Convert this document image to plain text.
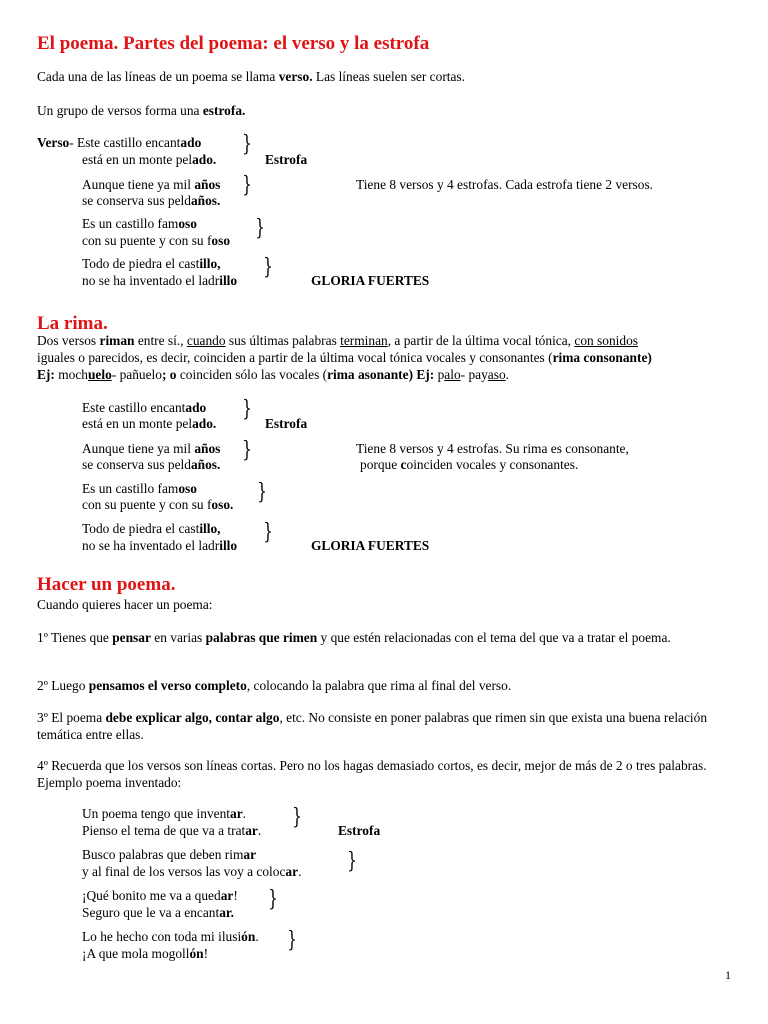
El poema. Partes del poema: el verso y la estrofa
Cada una de las líneas de un poema se llama verso. Las líneas suelen ser cortas.
Un grupo de versos forma una estrofa.
Verso- Este castillo encantado
está en un monte pelado.
}
Estrofa
Aunque tiene ya mil años
se conserva sus peldaños.
}	Tiene 8 versos y 4 estrofas. Cada estrofa tiene 2 versos.
Es un castillo famoso
con su puente y con su foso }
Todo de piedra el castillo,
no se ha inventado el ladrillo
}
GLORIA FUERTES
La rima.
Dos versos riman entre sí., cuando sus últimas palabras terminan, a partir de la última vocal tónica, con sonidos
iguales o parecidos, es decir, coinciden a partir de la última vocal tónica vocales y consonantes (rima consonante)
Ej: mochuelo- pañuelo; o coinciden sólo las vocales (rima asonante) Ej: palo- payaso.
Este castillo encantado
está en un monte pelado.
}
Estrofa
Aunque tiene ya mil años
se conserva sus peldaños.
}	Tiene 8 versos y 4 estrofas. Su rima es consonante,
porque coinciden vocales y consonantes.
Es un castillo famoso
con su puente y con su foso. }
Todo de piedra el castillo,
no se ha inventado el ladrillo
}
GLORIA FUERTES
Hacer un poema.
Cuando quieres hacer un poema:
1º Tienes que pensar en varias palabras que rimen y que estén relacionadas con el tema del que va a tratar el poema.
2º Luego pensamos el verso completo, colocando la palabra que rima al final del verso.
3º El poema debe explicar algo, contar algo, etc. No consiste en poner palabras que rimen sin que exista una buena relación temática entre ellas.
4º Recuerda que los versos son líneas cortas. Pero no los hagas demasiado cortos, es decir, mejor de más de 2 o tres palabras. Ejemplo poema inventado:
Un poema tengo que inventar.
Pienso el tema de que va a tratar.
}
Estrofa
Busco palabras que deben rimar
y al final de los versos las voy a colocar. }
¡Qué bonito me va a quedar!
Seguro que le va a encantar.
}
Lo he hecho con toda mi ilusión.
¡A que mola mogollón!
}
1
